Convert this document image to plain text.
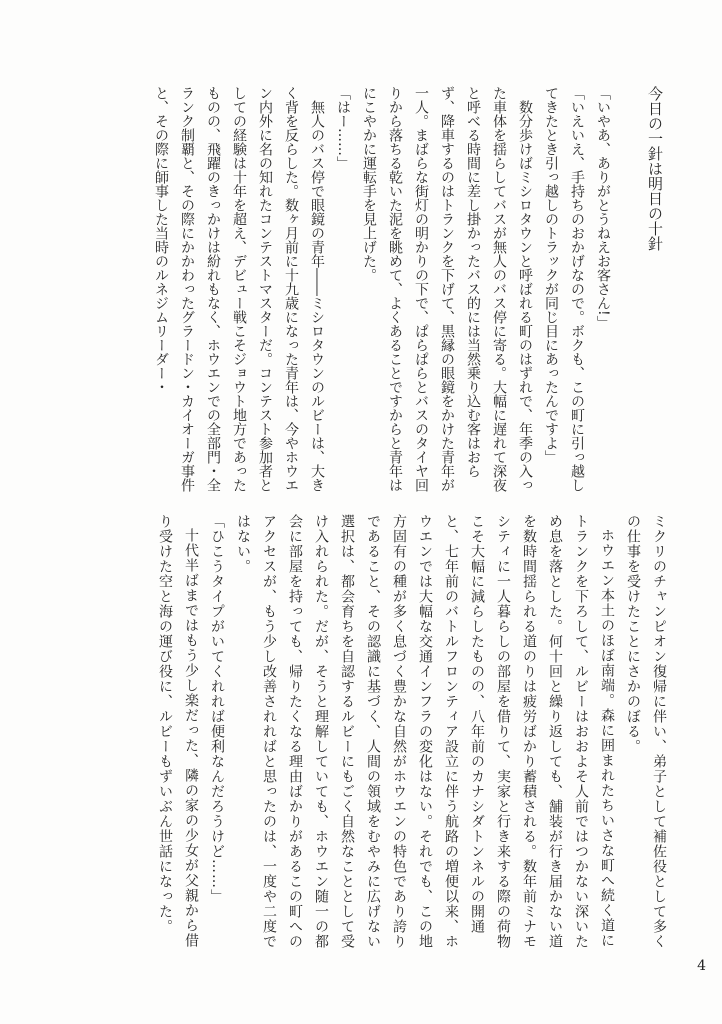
今日の一針は明日の十針

「いやあ、ありがとうねえお客さん!」

「いえいえ、手持ちのおかげなので。ボクも、この町に引っ越してきたとき引っ越しのトラックが同じ目にあったんですよ」

数分歩けばミシロタウンと呼ばれる町のはずれで、年季の入った車体を揺らしてバスが無人のバス停に寄る。大幅に遅れて深夜と呼べる時間に差し掛かったバス的には当然乗り込む客はおらず、降車するのはトランクを下げて、黒縁の眼鏡をかけた青年が一人。まばらな街灯の明かりの下で、ぱらぱらとバスのタイヤ回りから落ちる乾いた泥を眺めて、よくあることですからと青年はにこやかに運転手を見上げた。

「はー……」

無人のバス停で眼鏡の青年――ミシロタウンのルビーは、大きく背を反らした。数ヶ月前に十九歳になった青年は、今やホウエン内外に名の知れたコンテストマスターだ。コンテスト参加者としての経験は十年を超え、デビュー戦こそジョウト地方であったものの、飛躍のきっかけは紛れもなく、ホウエンでの全部門・全ランク制覇と、その際にかかわったグラードン・カイオーガ事件と、その際に師事した当時のルネジムリーダー・

ミクリのチャンピオン復帰に伴い、弟子として補佐役として多くの仕事を受けたことにさかのぼる。

ホウエン本土のほぼ南端。森に囲まれたちいさな町へ続く道にトランクを下ろして、ルビーはおおよそ人前ではつかない深いため息を落とした。何十回と繰り返しても、舗装が行き届かない道を数時間揺られる道のりは疲労ばかり蓄積される。数年前ミナモシティに一人暮らしの部屋を借りて、実家と行き来する際の荷物こそ大幅に減らしたものの、八年前のカナシダトンネルの開通と、七年前のバトルフロンティア設立に伴う航路の増便以来、ホウエンでは大幅な交通インフラの変化はない。それでも、この地方固有の種が多く息づく豊かな自然がホウエンの特色であり誇りであること、その認識に基づく、人間の領域をむやみに広げない選択は、都会育ちを自認するルビーにもごく自然なこととして受け入れられた。だが、そうと理解していても、ホウエン随一の都会に部屋を持っても、帰りたくなる理由ばかりがあるこの町へのアクセスが、もう少し改善されればと思ったのは、一度や二度ではない。

「ひこうタイプがいてくれれば便利なんだろうけど……」

十代半ばまではもう少し楽だった、隣の家の少女が父親から借り受けた空と海の運び役に、ルビーもずいぶん世話になった。

4
